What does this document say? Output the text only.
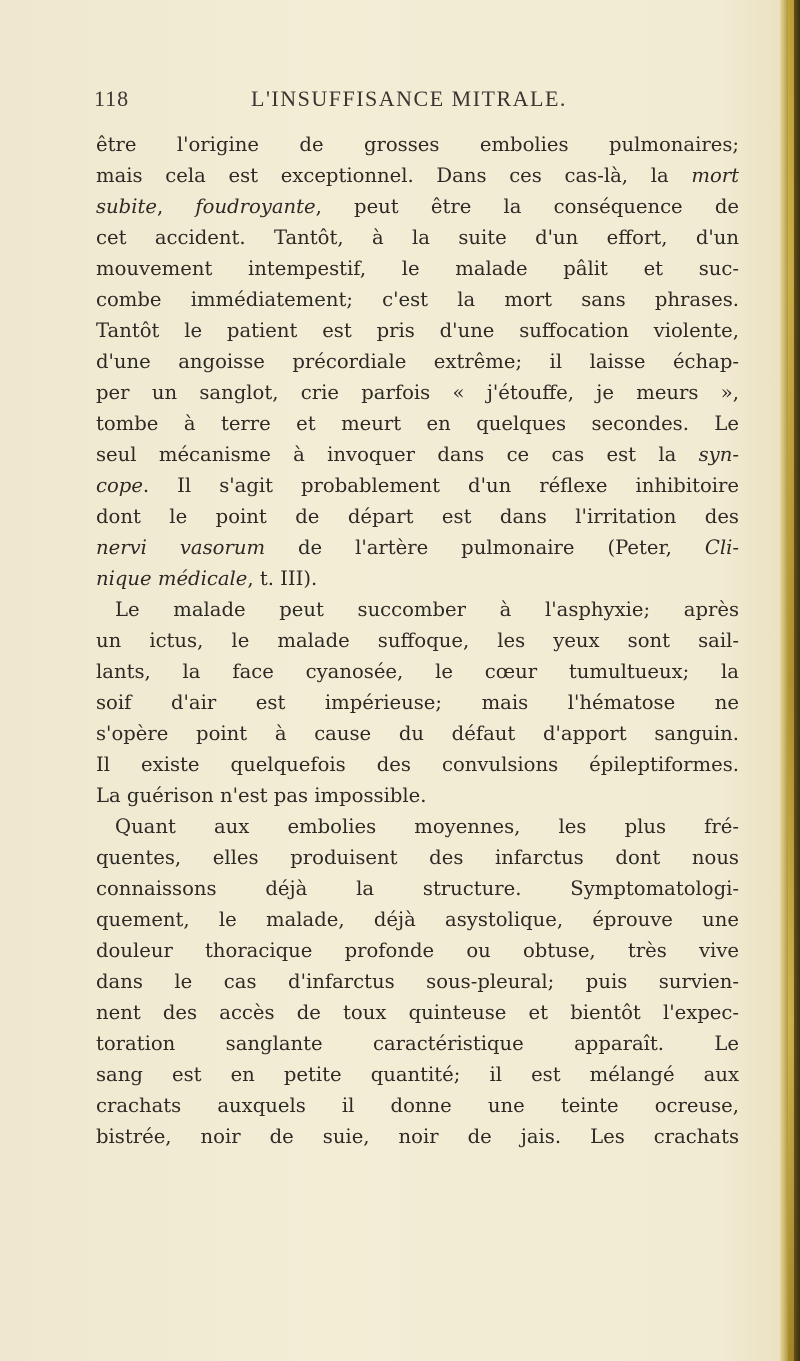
118	L'INSUFFISANCE MITRALE.
être l'origine de grosses embolies pulmonaires;
mais cela est exceptionnel. Dans ces cas-là, la mort
subite, foudroyante, peut être la conséquence de
cet accident. Tantôt, à la suite d'un effort, d'un
mouvement intempestif, le malade pâlit et suc-
combe immédiatement; c'est la mort sans phrases.
Tantôt le patient est pris d'une suffocation violente,
d'une angoisse précordiale extrême; il laisse échap-
per un sanglot, crie parfois « j'étouffe, je meurs »,
tombe à terre et meurt en quelques secondes. Le
seul mécanisme à invoquer dans ce cas est la syn-
cope. Il s'agit probablement d'un réflexe inhibitoire
dont le point de départ est dans l'irritation des
nervi vasorum de l'artère pulmonaire (Peter, Cli-
nique médicale, t. III).
Le malade peut succomber à l'asphyxie; après
un ictus, le malade suffoque, les yeux sont sail-
lants, la face cyanosée, le cœur tumultueux; la
soif d'air est impérieuse; mais l'hématose ne
s'opère point à cause du défaut d'apport sanguin.
Il existe quelquefois des convulsions épileptiformes.
La guérison n'est pas impossible.
Quant aux embolies moyennes, les plus fré-
quentes, elles produisent des infarctus dont nous
connaissons déjà la structure. Symptomatologi-
quement, le malade, déjà asystolique, éprouve une
douleur thoracique profonde ou obtuse, très vive
dans le cas d'infarctus sous-pleural; puis survien-
nent des accès de toux quinteuse et bientôt l'expec-
toration sanglante caractéristique apparaît. Le
sang est en petite quantité; il est mélangé aux
crachats auxquels il donne une teinte ocreuse,
bistrée, noir de suie, noir de jais. Les crachats
